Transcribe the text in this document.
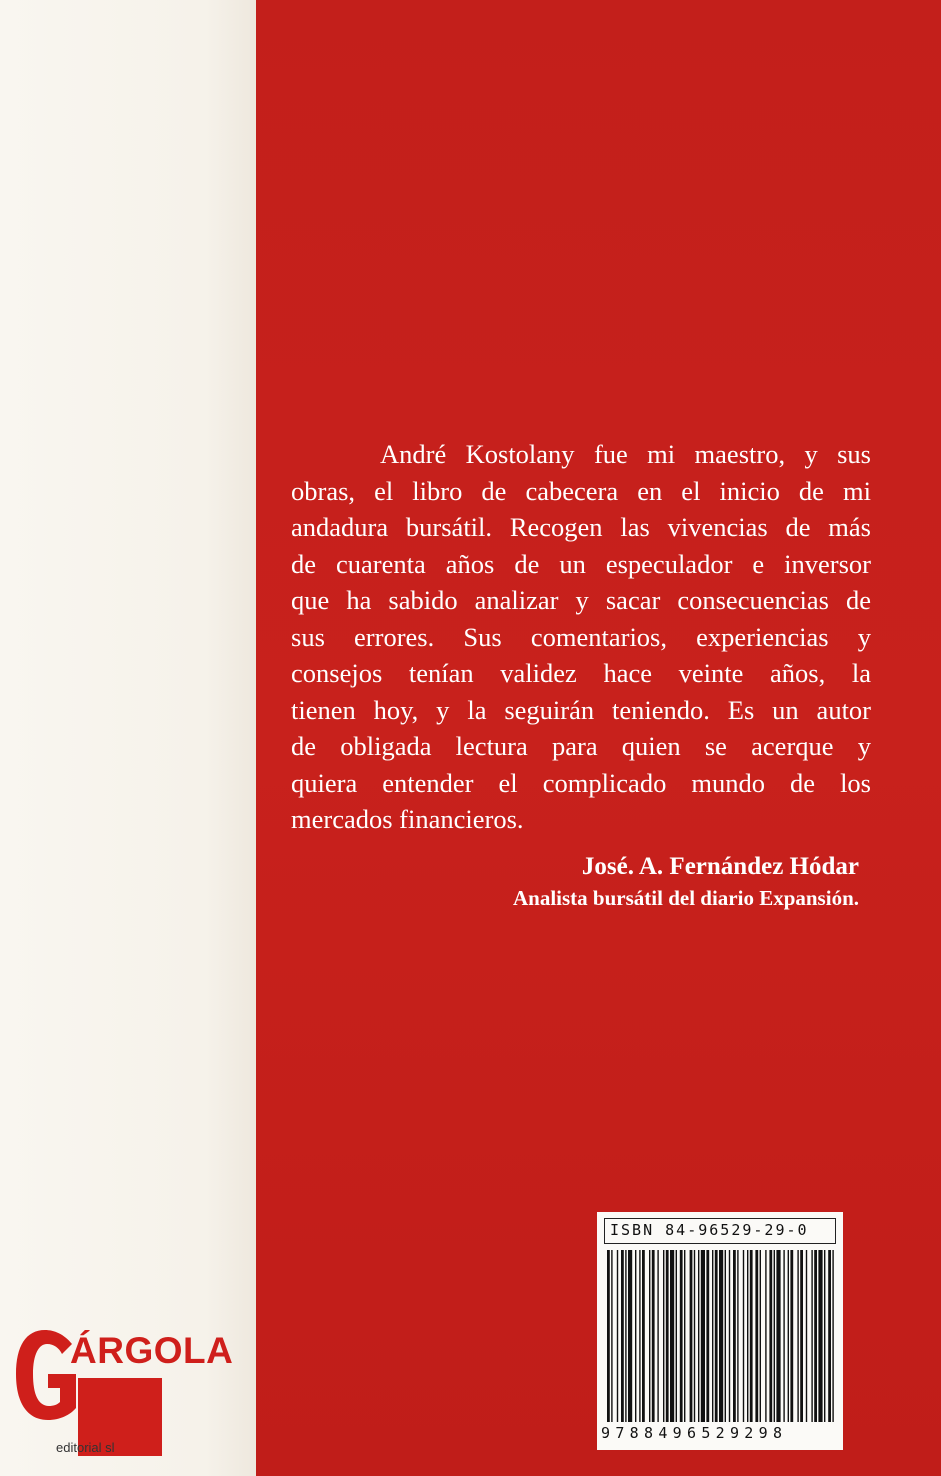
André Kostolany fue mi maestro, y sus
obras, el libro de cabecera en el inicio de mi
andadura bursátil. Recogen las vivencias de más
de cuarenta años de un especulador e inversor
que ha sabido analizar y sacar consecuencias de
sus errores. Sus comentarios, experiencias y
consejos tenían validez hace veinte años, la
tienen hoy, y la seguirán teniendo. Es un autor
de obligada lectura para quien se acerque y
quiera entender el complicado mundo de los
mercados financieros.
José. A. Fernández Hódar
Analista bursátil del diario Expansión.
ISBN 84-96529-29-0
9788496529298
ÁRGOLA
editorial sl
